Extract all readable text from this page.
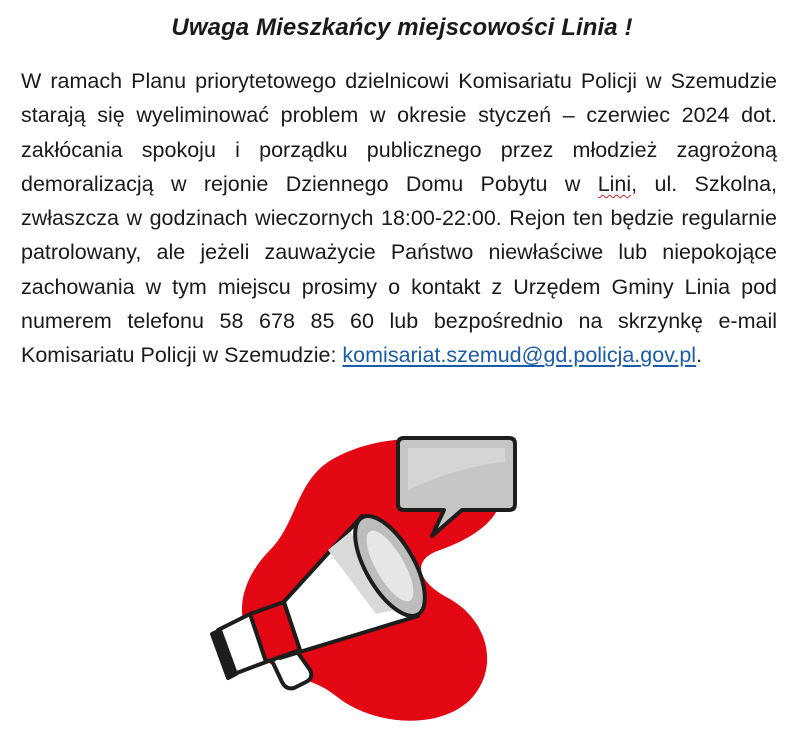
Uwaga Mieszkańcy miejscowości Linia !

W ramach Planu priorytetowego dzielnicowi Komisariatu Policji w Szemudzie starają się wyeliminować problem w okresie styczeń – czerwiec 2024 dot. zakłócania spokoju i porządku publicznego przez młodzież zagrożoną demoralizacją w rejonie Dziennego Domu Pobytu w Lini, ul. Szkolna, zwłaszcza w godzinach wieczornych 18:00-22:00. Rejon ten będzie regularnie patrolowany, ale jeżeli zauważycie Państwo niewłaściwe lub niepokojące zachowania w tym miejscu prosimy o kontakt z Urzędem Gminy Linia pod numerem telefonu 58 678 85 60 lub bezpośrednio na skrzynkę e-mail Komisariatu Policji w Szemudzie: komisariat.szemud@gd.policja.gov.pl.
